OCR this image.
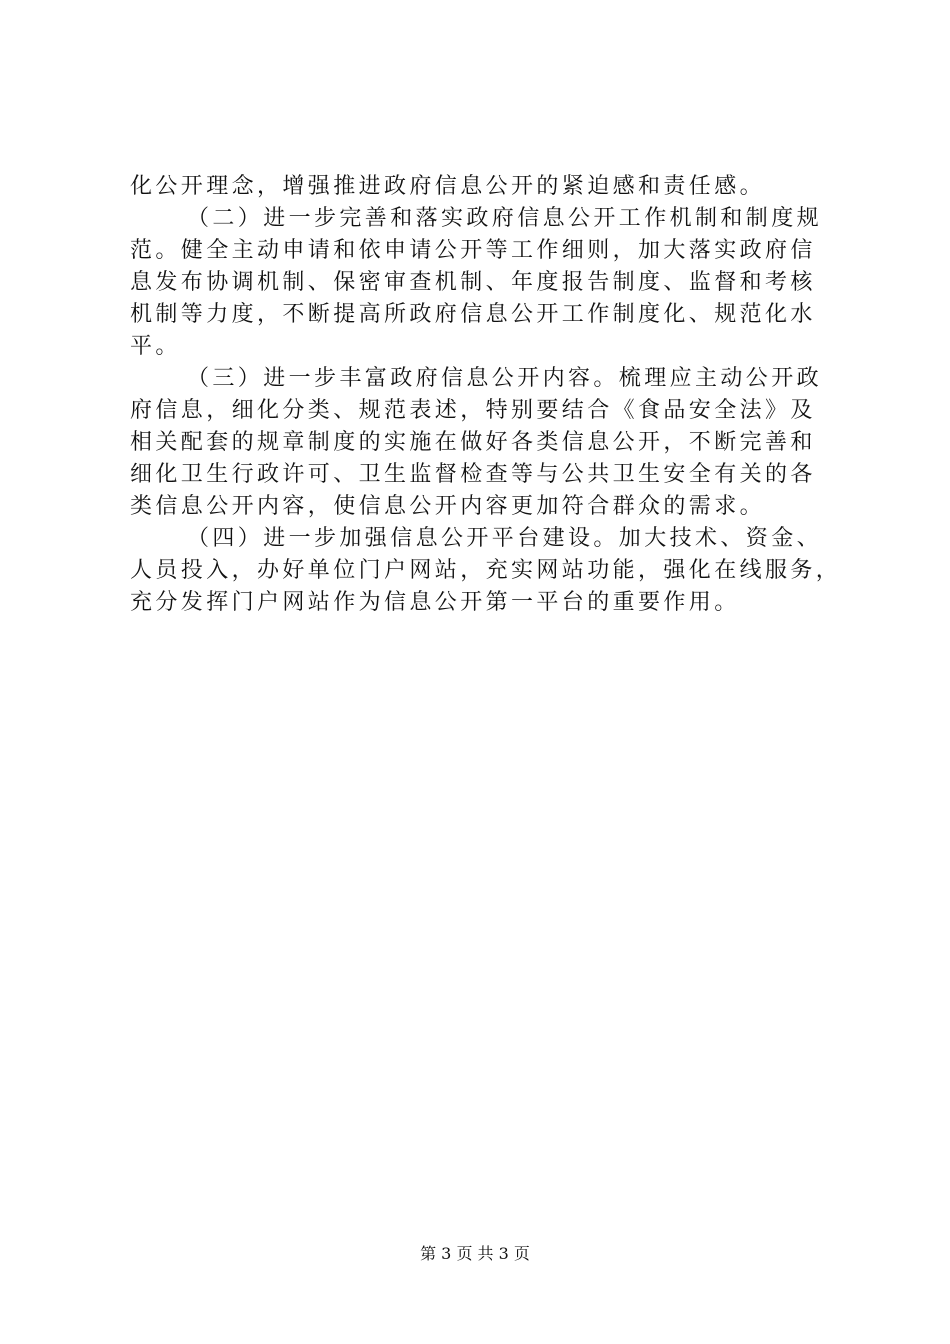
化公开理念，增强推进政府信息公开的紧迫感和责任感。
（二）进一步完善和落实政府信息公开工作机制和制度规
范。健全主动申请和依申请公开等工作细则，加大落实政府信
息发布协调机制、保密审查机制、年度报告制度、监督和考核
机制等力度，不断提高所政府信息公开工作制度化、规范化水
平。
（三）进一步丰富政府信息公开内容。梳理应主动公开政
府信息，细化分类、规范表述，特别要结合《食品安全法》及
相关配套的规章制度的实施在做好各类信息公开，不断完善和
细化卫生行政许可、卫生监督检查等与公共卫生安全有关的各
类信息公开内容，使信息公开内容更加符合群众的需求。
（四）进一步加强信息公开平台建设。加大技术、资金、
人员投入，办好单位门户网站，充实网站功能，强化在线服务，
充分发挥门户网站作为信息公开第一平台的重要作用。
第 3 页 共 3 页
